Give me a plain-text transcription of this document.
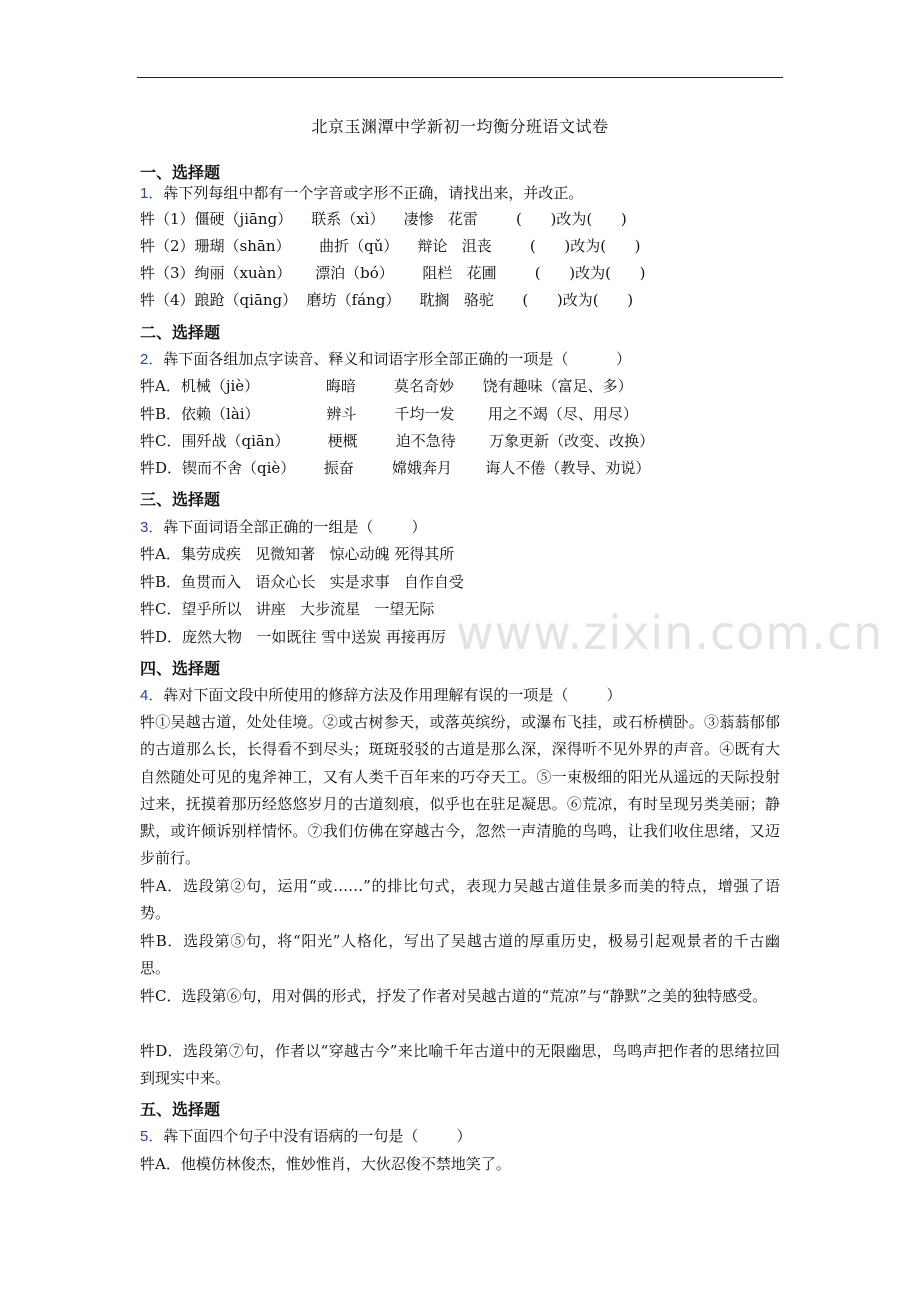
北京玉渊潭中学新初一均衡分班语文试卷
www.zixin.com.cn
一、选择题
1．犇下列每组中都有一个字音或字形不正确，请找出来，并改正。
牪（1）僵硬（jiāng）    联系（xì）    凄惨   花雷        (      )改为(      )
牪（2）珊瑚（shān）      曲折（qǔ）    辩论   沮丧        (      )改为(      )
牪（3）绚丽（xuàn）     漂泊（bó）      阻栏   花圃        (      )改为(      )
牪（4）踉跄（qiāng）  磨坊（fáng）    耽搁   骆驼      (      )改为(      )
二、选择题
2．犇下面各组加点字读音、释义和词语字形全部正确的一项是（          ）
牪A．机械（jiè）              晦暗        莫名奇妙      饶有趣味（富足、多）
牪B．依赖（lài）              辨斗        千均一发       用之不竭（尽、用尽）
牪C．围歼战（qiān）        梗概        迫不急待       万象更新（改变、改换）
牪D．锲而不舍（qiè）      振奋        嫦娥奔月       诲人不倦（教导、劝说）
三、选择题
3．犇下面词语全部正确的一组是（        ）
牪A．集劳成疾   见微知著   惊心动魄 死得其所
牪B．鱼贯而入   语众心长   实是求事   自作自受
牪C．望乎所以   讲座   大步流星   一望无际
牪D．庞然大物   一如既往 雪中送炭 再接再厉
四、选择题
4．犇对下面文段中所使用的修辞方法及作用理解有误的一项是（        ）
牪①吴越古道，处处佳境。②或古树参天，或落英缤纷，或瀑布飞挂，或石桥横卧。③蓊蓊郁郁的古道那么长，长得看不到尽头；斑斑驳驳的古道是那么深，深得听不见外界的声音。④既有大自然随处可见的鬼斧神工，又有人类千百年来的巧夺天工。⑤一束极细的阳光从遥远的天际投射过来，抚摸着那历经悠悠岁月的古道刻痕，似乎也在驻足凝思。⑥荒凉，有时呈现另类美丽；静默，或许倾诉别样情怀。⑦我们仿佛在穿越古今，忽然一声清脆的鸟鸣，让我们收住思绪，又迈步前行。
牪A．选段第②句，运用“或……”的排比句式，表现力吴越古道佳景多而美的特点，增强了语势。
牪B．选段第⑤句，将“阳光”人格化，写出了吴越古道的厚重历史，极易引起观景者的千古幽思。
牪C．选段第⑥句，用对偶的形式，抒发了作者对吴越古道的“荒凉”与“静默”之美的独特感受。
牪D．选段第⑦句，作者以“穿越古今”来比喻千年古道中的无限幽思，鸟鸣声把作者的思绪拉回到现实中来。
五、选择题
5．犇下面四个句子中没有语病的一句是（        ）
牪A．他模仿林俊杰，惟妙惟肖，大伙忍俊不禁地笑了。
